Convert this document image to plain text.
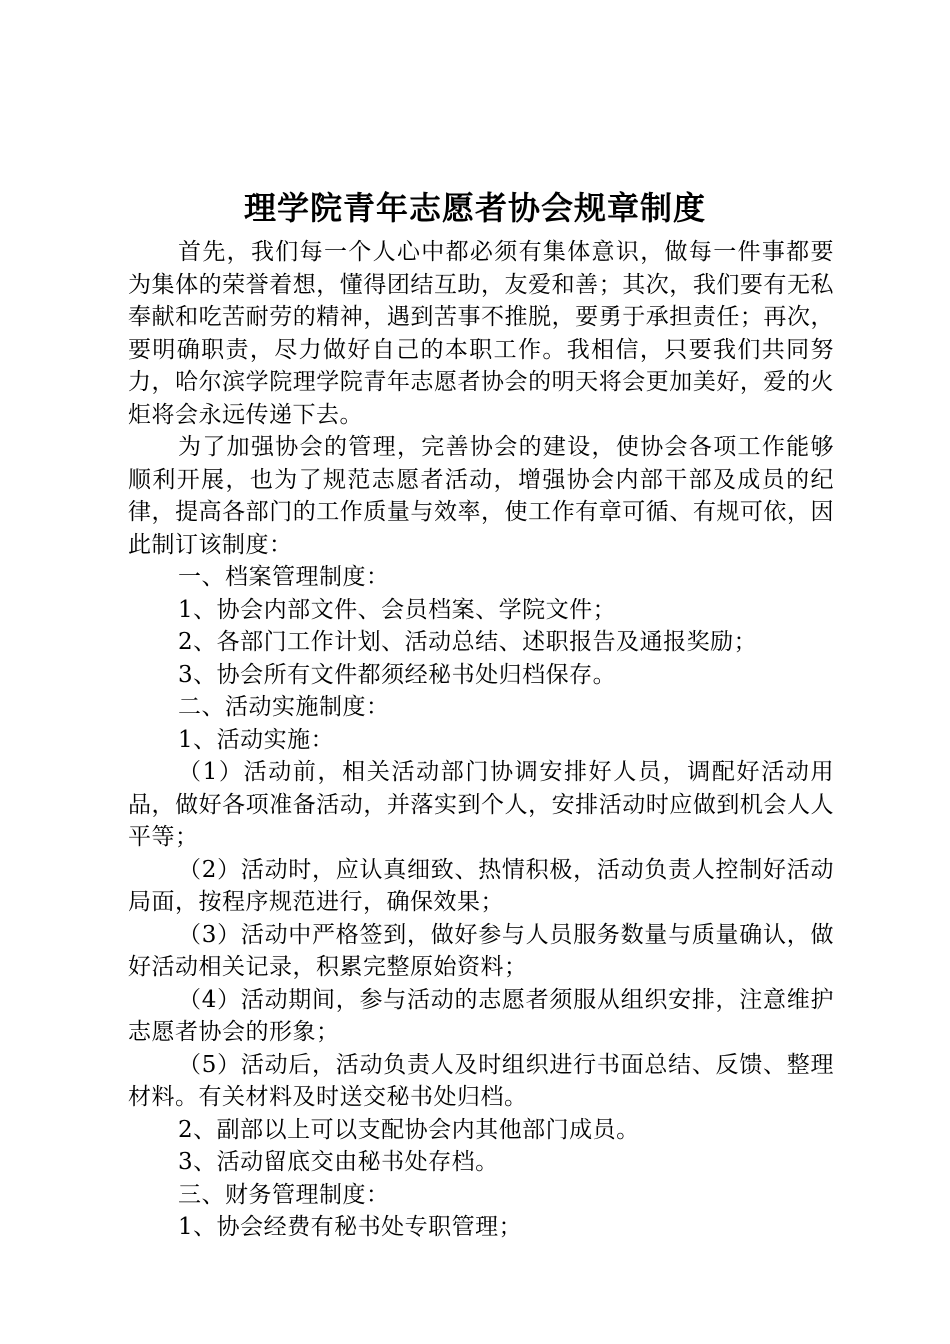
理学院青年志愿者协会规章制度

首先，我们每一个人心中都必须有集体意识，做每一件事都要为集体的荣誉着想，懂得团结互助，友爱和善；其次，我们要有无私奉献和吃苦耐劳的精神，遇到苦事不推脱，要勇于承担责任；再次，要明确职责，尽力做好自己的本职工作。我相信，只要我们共同努力，哈尔滨学院理学院青年志愿者协会的明天将会更加美好，爱的火炬将会永远传递下去。

为了加强协会的管理，完善协会的建设，使协会各项工作能够顺利开展，也为了规范志愿者活动，增强协会内部干部及成员的纪律，提高各部门的工作质量与效率，使工作有章可循、有规可依，因此制订该制度：

一、档案管理制度：

1、协会内部文件、会员档案、学院文件；

2、各部门工作计划、活动总结、述职报告及通报奖励；

3、协会所有文件都须经秘书处归档保存。

二、活动实施制度：

1、活动实施：

（1）活动前，相关活动部门协调安排好人员，调配好活动用品，做好各项准备活动，并落实到个人，安排活动时应做到机会人人平等；

（2）活动时，应认真细致、热情积极，活动负责人控制好活动局面，按程序规范进行，确保效果；

（3）活动中严格签到，做好参与人员服务数量与质量确认，做好活动相关记录，积累完整原始资料；

（4）活动期间，参与活动的志愿者须服从组织安排，注意维护志愿者协会的形象；

（5）活动后，活动负责人及时组织进行书面总结、反馈、整理材料。有关材料及时送交秘书处归档。

2、副部以上可以支配协会内其他部门成员。

3、活动留底交由秘书处存档。

三、财务管理制度：

1、协会经费有秘书处专职管理；
